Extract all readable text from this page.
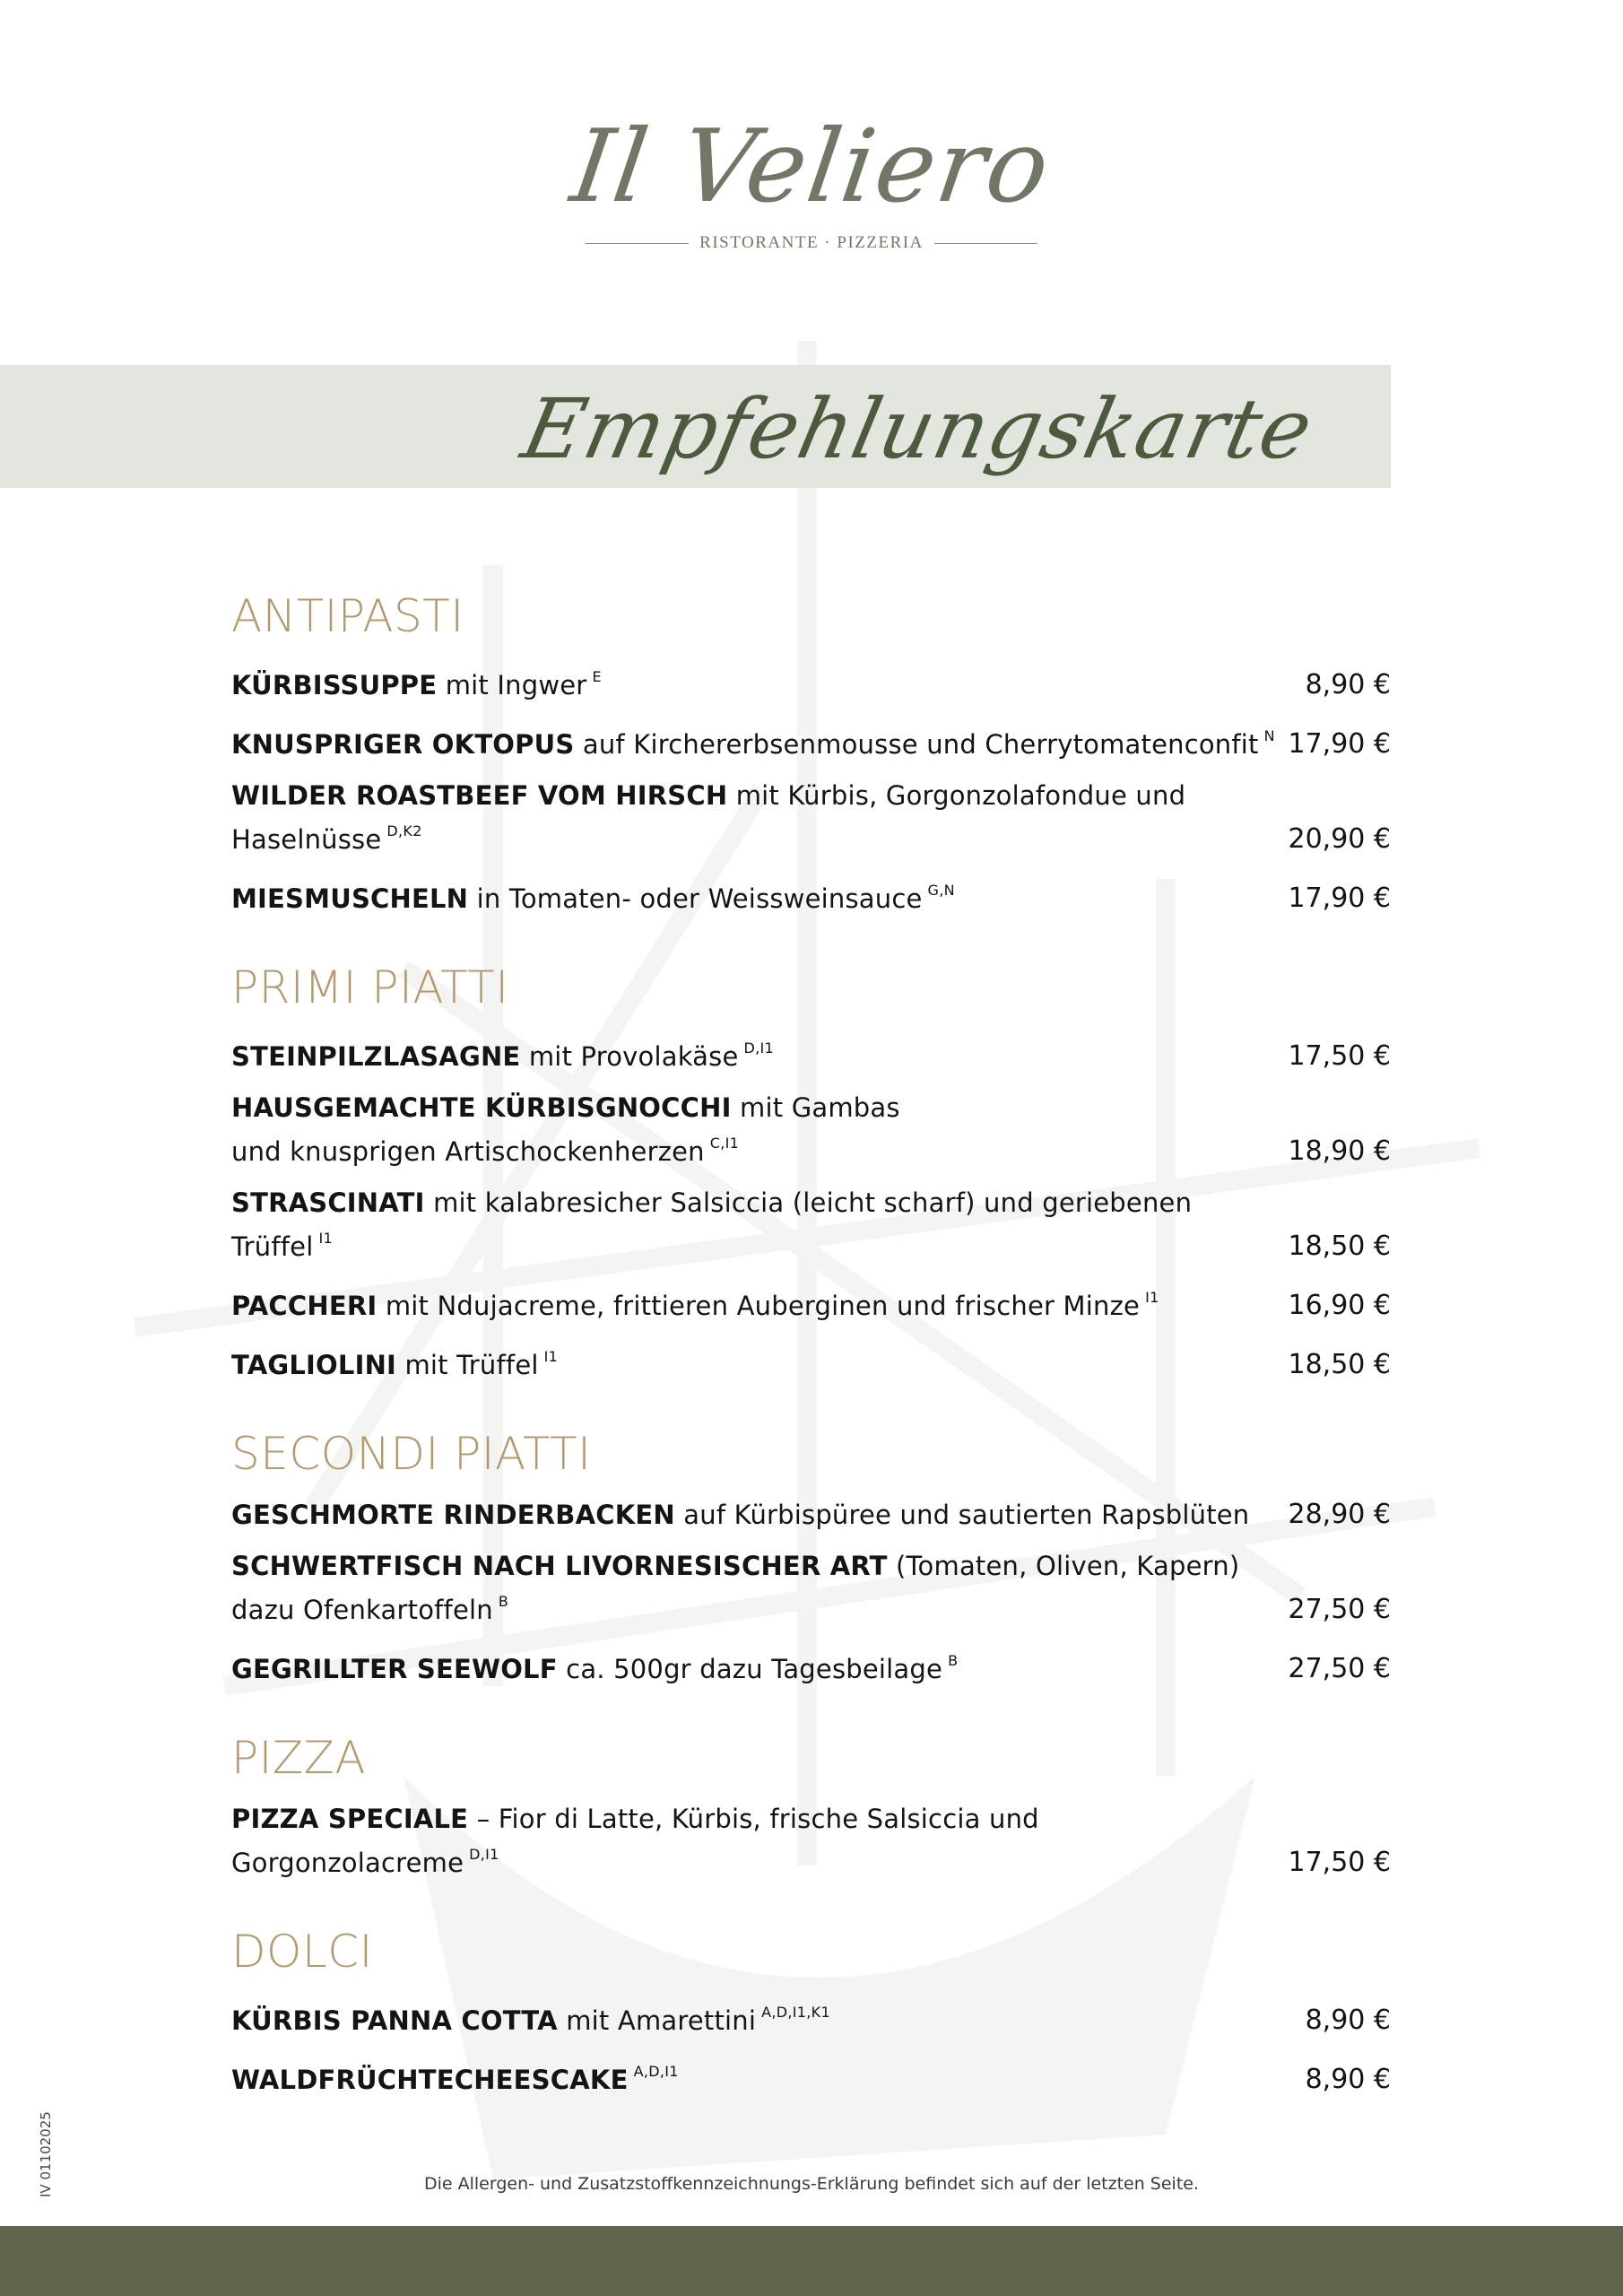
Il Veliero
RISTORANTE · PIZZERIA
Empfehlungskarte
ANTIPASTI
KÜRBISSUPPE mit Ingwer $^E$	8,90 €
KNUSPRIGER OKTOPUS auf Kirchererbsenmousse und Cherrytomatenconfit $^N$ 17,90 €
WILDER ROASTBEEF VOM HIRSCH mit Kürbis, Gorgonzolafondue und Haselnüsse $^{D,K2}$	20,90 €
MIESMUSCHELN in Tomaten- oder Weissweinsauce $^{G,N}$	17,90 €
PRIMI PIATTI
STEINPILZLASAGNE mit Provolakäse $^{D,I1}$	17,50 €
HAUSGEMACHTE KÜRBISGNOCCHI mit Gambas
und knusprigen Artischockenherzen $^{C,I1}$	18,90 €
STRASCINATI mit kalabresicher Salsiccia (leicht scharf) und geriebenen Trüffel $^{I1}$	18,50 €
PACCHERI mit Ndujacreme, frittieren Auberginen und frischer Minze $^{I1}$	16,90 €
TAGLIOLINI mit Trüffel $^{I1}$	18,50 €
SECONDI PIATTI
GESCHMORTE RINDERBACKEN auf Kürbispüree und sautierten Rapsblüten	28,90 €
SCHWERTFISCH NACH LIVORNESISCHER ART (Tomaten, Oliven, Kapern)
dazu Ofenkartoffeln $^B$	27,50 €
GEGRILLTER SEEWOLF ca. 500gr dazu Tagesbeilage $^B$	27,50 €
PIZZA
PIZZA SPECIALE – Fior di Latte, Kürbis, frische Salsiccia und Gorgonzolacreme $^{D,I1}$	17,50 €
DOLCI
KÜRBIS PANNA COTTA mit Amarettini $^{A,D,I1,K1}$	8,90 €
WALDFRÜCHTECHEESCAKE $^{A,D,I1}$	8,90 €
Die Allergen- und Zusatzstoffkennzeichnungs-Erklärung befindet sich auf der letzten Seite.
IV 01102025
